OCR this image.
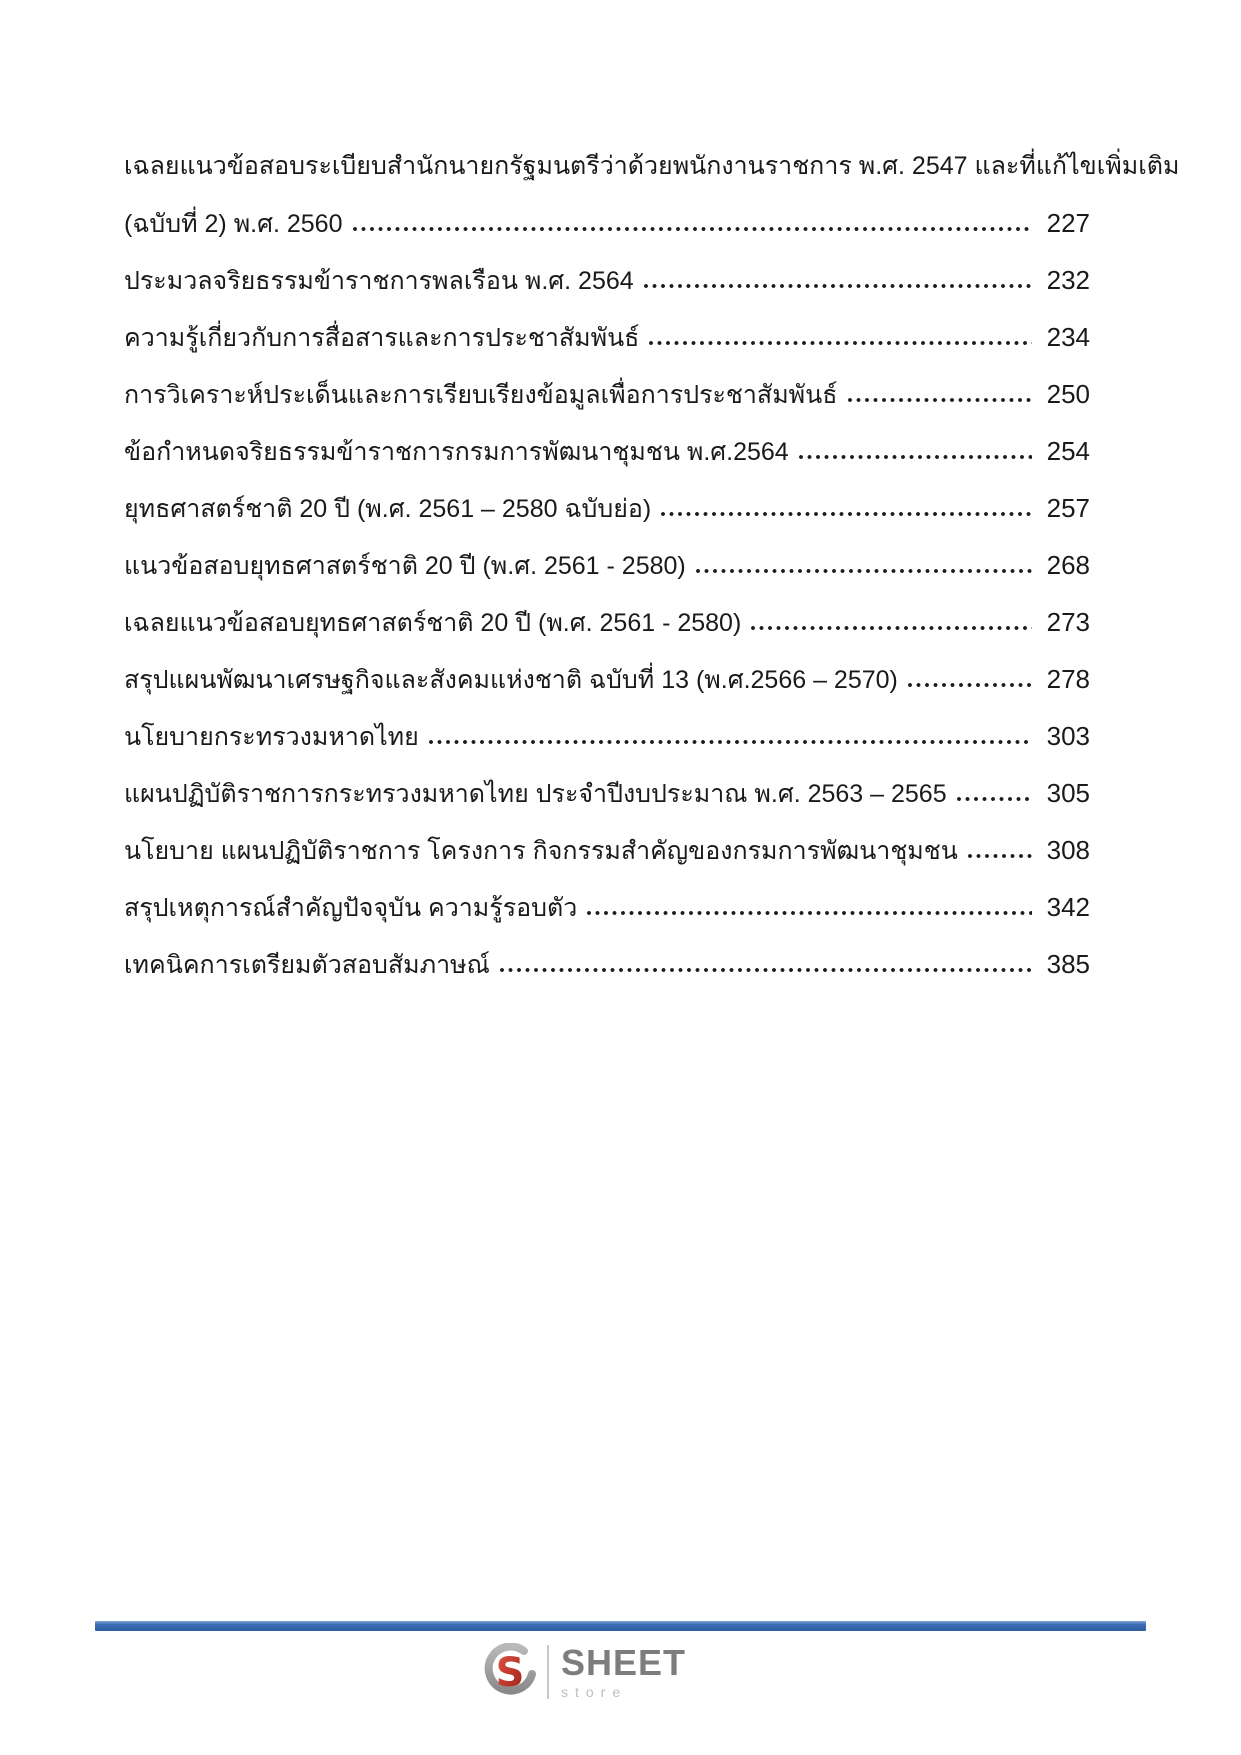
เฉลยแนวข้อสอบระเบียบสำนักนายกรัฐมนตรีว่าด้วยพนักงานราชการ พ.ศ. 2547 และที่แก้ไขเพิ่มเติม
(ฉบับที่ 2) พ.ศ. 2560	227
ประมวลจริยธรรมข้าราชการพลเรือน พ.ศ. 2564	232
ความรู้เกี่ยวกับการสื่อสารและการประชาสัมพันธ์	234
การวิเคราะห์ประเด็นและการเรียบเรียงข้อมูลเพื่อการประชาสัมพันธ์	250
ข้อกำหนดจริยธรรมข้าราชการกรมการพัฒนาชุมชน พ.ศ.2564	254
ยุทธศาสตร์ชาติ 20 ปี (พ.ศ. 2561 – 2580 ฉบับย่อ)	257
แนวข้อสอบยุทธศาสตร์ชาติ 20 ปี (พ.ศ. 2561 - 2580)	268
เฉลยแนวข้อสอบยุทธศาสตร์ชาติ 20 ปี (พ.ศ. 2561 - 2580)	273
สรุปแผนพัฒนาเศรษฐกิจและสังคมแห่งชาติ ฉบับที่ 13 (พ.ศ.2566 – 2570)	278
นโยบายกระทรวงมหาดไทย	303
แผนปฏิบัติราชการกระทรวงมหาดไทย ประจำปีงบประมาณ พ.ศ. 2563 – 2565	305
นโยบาย แผนปฏิบัติราชการ โครงการ กิจกรรมสำคัญของกรมการพัฒนาชุมชน	308
สรุปเหตุการณ์สำคัญปัจจุบัน ความรู้รอบตัว	342
เทคนิคการเตรียมตัวสอบสัมภาษณ์	385
S SHEET
store
